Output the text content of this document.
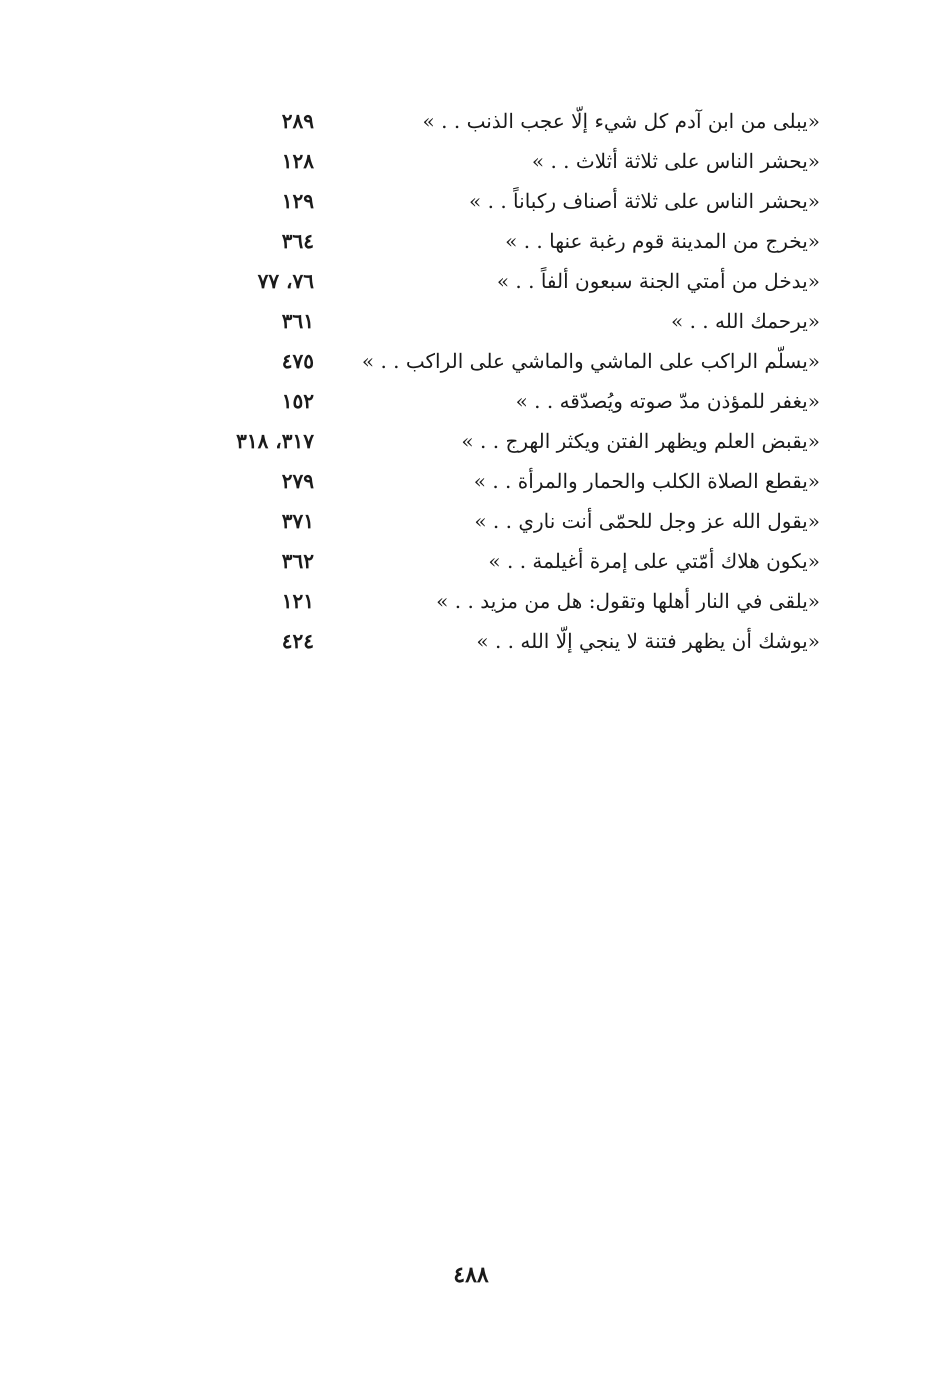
«يبلى من ابن آدم كل شيء إلّا عجب الذنب . . »
٢٨٩
«يحشر الناس على ثلاثة أثلاث . . »
١٢٨
«يحشر الناس على ثلاثة أصناف ركباناً . . »
١٢٩
«يخرج من المدينة قوم رغبة عنها . . »
٣٦٤
«يدخل من أمتي الجنة سبعون ألفاً . . »
٧٦، ٧٧
«يرحمك الله . . »
٣٦١
«يسلّم الراكب على الماشي والماشي على الراكب . . »
٤٧٥
«يغفر للمؤذن مدّ صوته ويُصدّقه . . »
١٥٢
«يقبض العلم ويظهر الفتن ويكثر الهرج . . »
٣١٧، ٣١٨
«يقطع الصلاة الكلب والحمار والمرأة . . »
٢٧٩
«يقول الله عز وجل للحمّى أنت ناري . . »
٣٧١
«يكون هلاك أمّتي على إمرة أغيلمة . . »
٣٦٢
«يلقى في النار أهلها وتقول: هل من مزيد . . »
١٢١
«يوشك أن يظهر فتنة لا ينجي إلّا الله . . »
٤٢٤
٤٨٨
